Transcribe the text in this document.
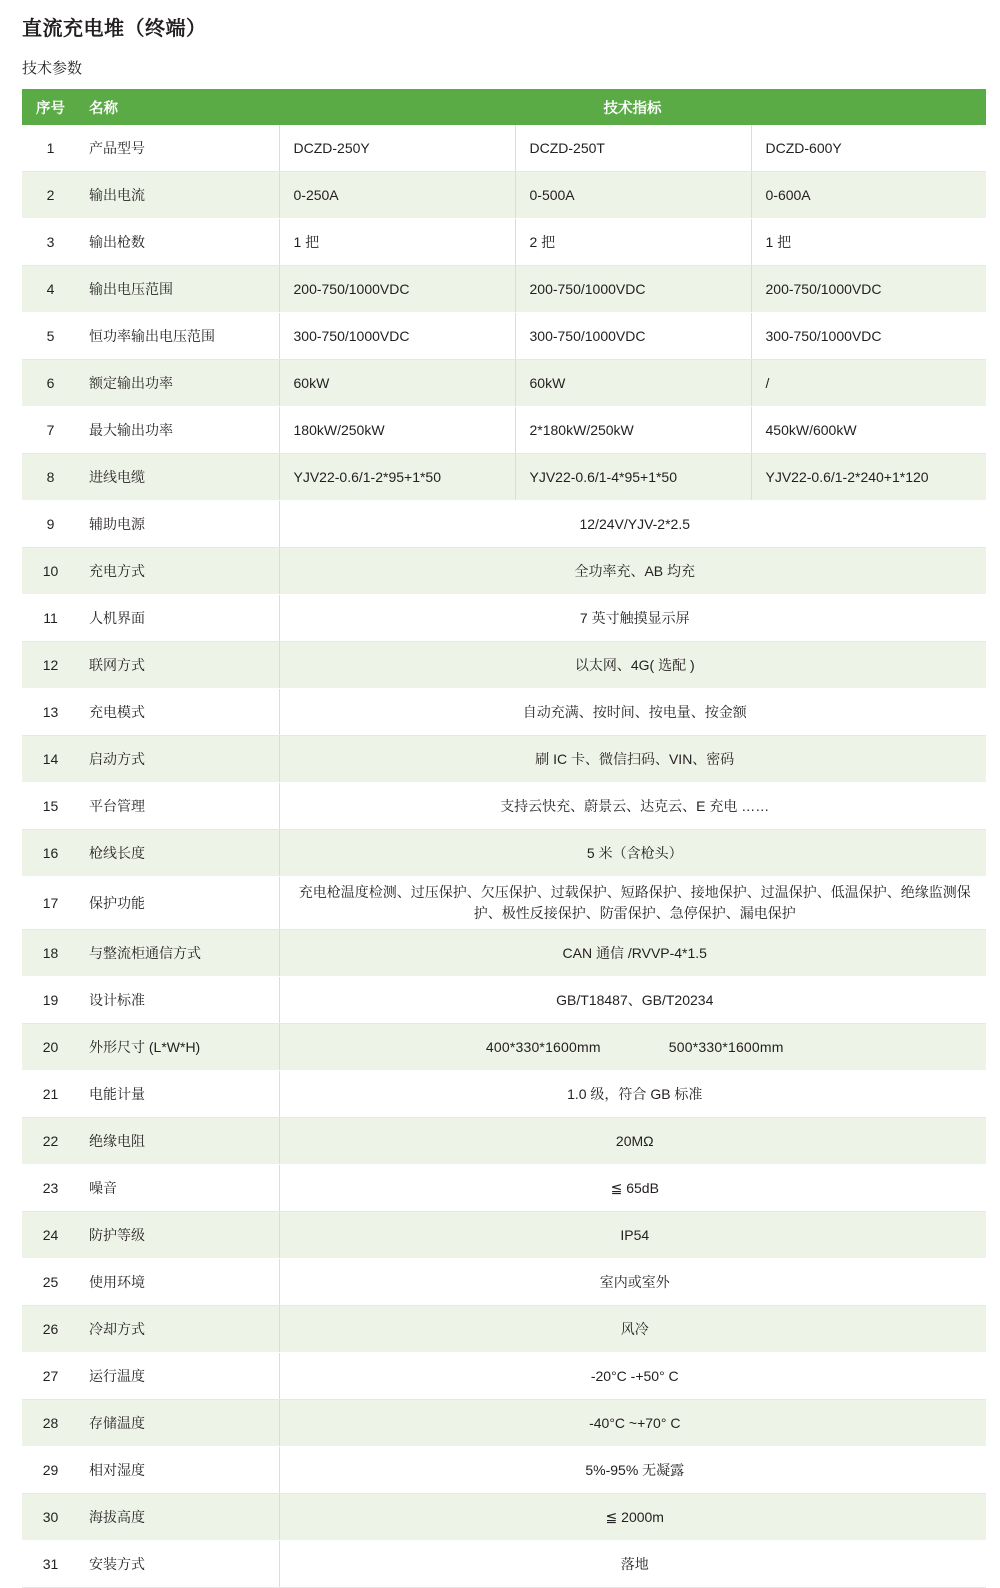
直流充电堆（终端）
技术参数
序号	名称	技术指标		
1	产品型号	DCZD-250Y	DCZD-250T	DCZD-600Y
2	输出电流	0-250A	0-500A	0-600A
3	输出枪数	1 把	2 把	1 把
4	输出电压范围	200-750/1000VDC	200-750/1000VDC	200-750/1000VDC
5	恒功率输出电压范围	300-750/1000VDC	300-750/1000VDC	300-750/1000VDC
6	额定输出功率	60kW	60kW	/
7	最大输出功率	180kW/250kW	2*180kW/250kW	450kW/600kW
8	进线电缆	YJV22-0.6/1-2*95+1*50	YJV22-0.6/1-4*95+1*50	YJV22-0.6/1-2*240+1*120
9	辅助电源	12/24V/YJV-2*2.5		
10	充电方式	全功率充、AB 均充		
11	人机界面	7 英寸触摸显示屏		
12	联网方式	以太网、4G( 选配 )		
13	充电模式	自动充满、按时间、按电量、按金额		
14	启动方式	刷 IC 卡、微信扫码、VIN、密码		
15	平台管理	支持云快充、蔚景云、达克云、E 充电 ……		
16	枪线长度	5 米（含枪头）		
17	保护功能	充电枪温度检测、过压保护、欠压保护、过载保护、短路保护、接地保护、过温保护、低温保护、绝缘监测保护、极性反接保护、防雷保护、急停保护、漏电保护		
18	与整流柜通信方式	CAN 通信 /RVVP-4*1.5		
19	设计标准	GB/T18487、GB/T20234		
20	外形尺寸 (L*W*H)	400*330*1600mm 500*330*1600mm		
21	电能计量	1.0 级，符合 GB 标准		
22	绝缘电阻	20MΩ		
23	噪音	≦ 65dB		
24	防护等级	IP54		
25	使用环境	室内或室外		
26	冷却方式	风冷		
27	运行温度	-20°C -+50° C		
28	存储温度	-40°C ~+70° C		
29	相对湿度	5%-95% 无凝露		
30	海拔高度	≦ 2000m		
31	安装方式	落地		
